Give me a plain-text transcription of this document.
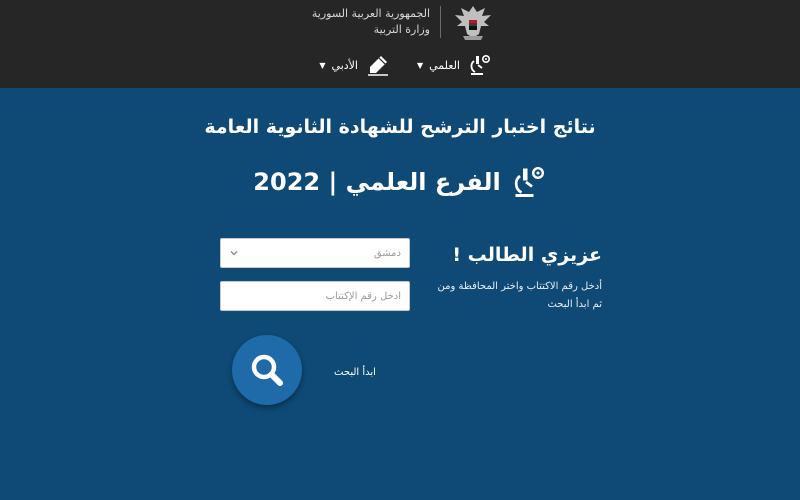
الجمهورية العربية السورية
وزارة التربية
العلمي
▼
الأدبي
▼
نتائج اختبار الترشح للشهادة الثانوية العامة
الفرع العلمي | 2022
عزيزي الطالب !
أدخل رقم الاكتتاب واختر المحافظة ومن ثم ابدأ البحث
دمشق
أدخل رقم الإكتتاب
ابدأ البحث
